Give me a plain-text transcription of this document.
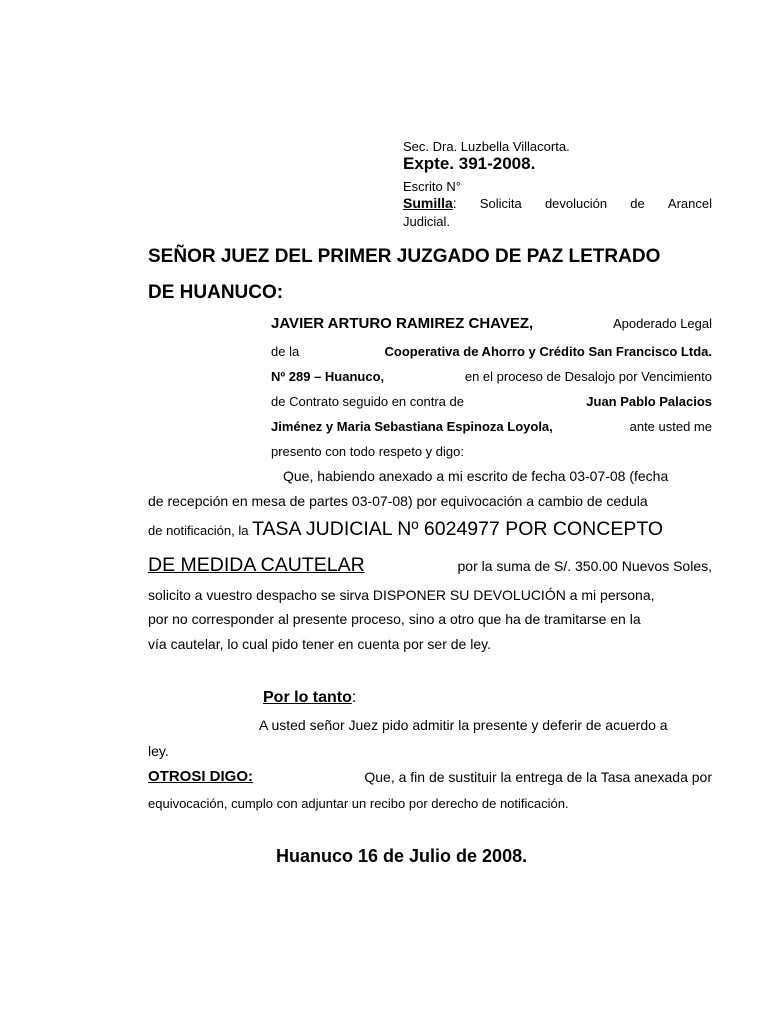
Sec. Dra. Luzbella Villacorta.
Expte. 391-2008.
Escrito N°
Sumilla: Solicita devolución de Arancel
Judicial.
SEÑOR JUEZ DEL PRIMER JUZGADO DE PAZ LETRADO
DE HUANUCO:
JAVIER ARTURO RAMIREZ CHAVEZ,	Apoderado Legal
de la	Cooperativa de Ahorro y Crédito San Francisco Ltda.
Nº 289 – Huanuco,	en el proceso de Desalojo por Vencimiento
de Contrato seguido en contra de	Juan Pablo Palacios
Jiménez y Maria Sebastiana Espinoza Loyola,	ante usted me
presento con todo respeto y digo:
Que, habiendo anexado a mi escrito de fecha 03-07-08 (fecha
de recepción en mesa de partes 03-07-08) por equivocación a cambio de cedula
de notificación, la TASA JUDICIAL Nº 6024977 POR CONCEPTO
DE MEDIDA CAUTELAR	por la suma de S/. 350.00 Nuevos Soles,
solicito a vuestro despacho se sirva DISPONER SU DEVOLUCIÓN a mi persona,
por no corresponder al presente proceso, sino a otro que ha de tramitarse en la
vía cautelar, lo cual pido tener en cuenta por ser de ley.
Por lo tanto:
A usted señor Juez pido admitir la presente y deferir de acuerdo a
ley.
OTROSI DIGO:	Que, a fin de sustituir la entrega de la Tasa anexada por
equivocación, cumplo con adjuntar un recibo por derecho de notificación.
Huanuco 16 de Julio de 2008.
